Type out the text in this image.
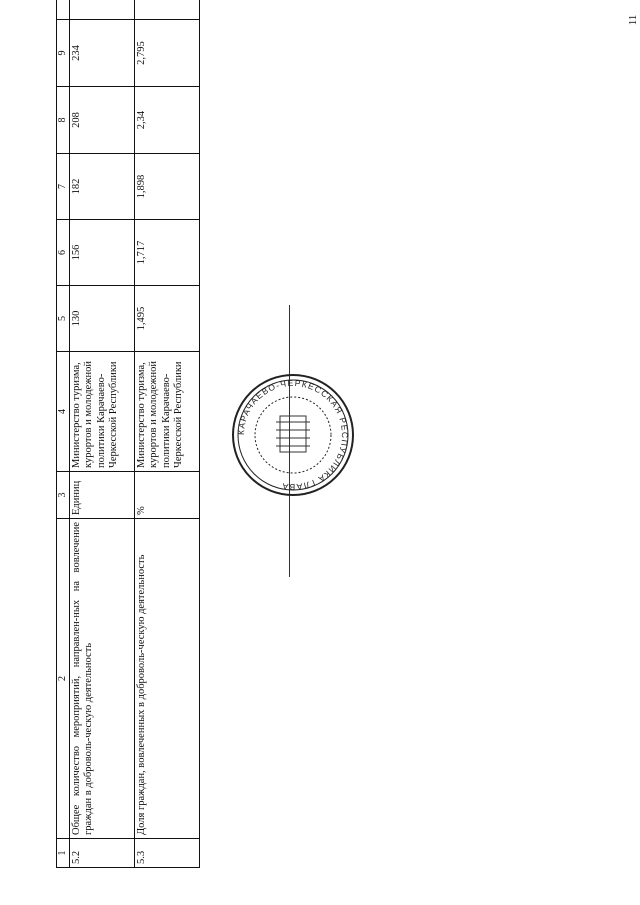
11
1	2	3	4	5	6	7	8	9	
5.2	Общее количество мероприятий, направлен-ных на вовлечение граждан в доброволь-ческую деятельность	Единиц	Министерство туризма, курортов и молодежной политики Карачаево-Черкесской Республики	130	156	182	208	234	
5.3	Доля граждан, вовлеченных в доброволь-ческую деятельность	%	Министерство туризма, курортов и молодежной политики Карачаево-Черкесской Республики	1,495	1,717	1,898	2,34	2,795	
КАРАЧАЕВО-ЧЕРКЕССКАЯ РЕСПУБЛИКА ГЛАВА
